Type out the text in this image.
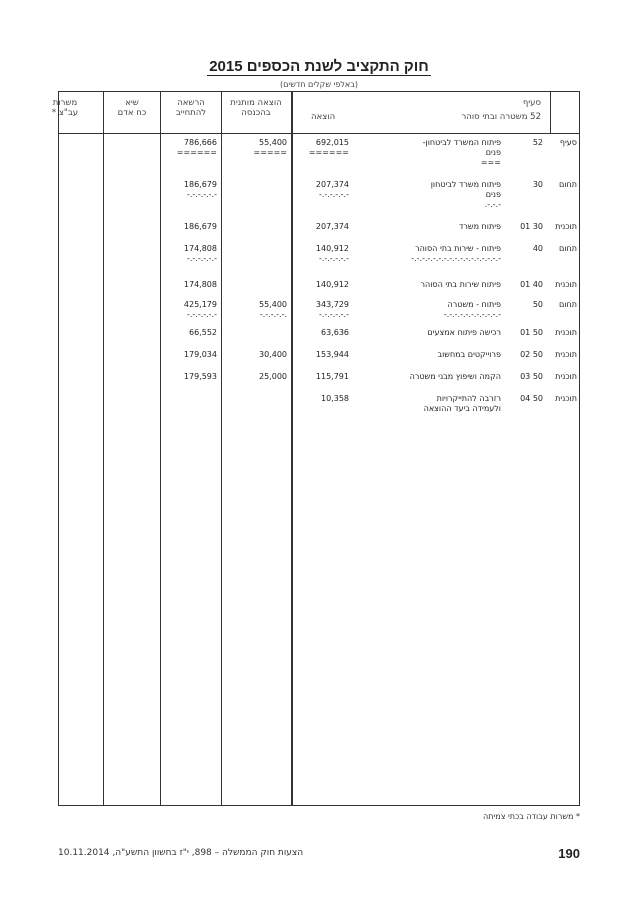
חוק התקציב לשנת הכספים 2015
(באלפי שקלים חדשים)
משרות
עב"צ *
שיא
כח אדם
הרשאה
להתחייב
הוצאה מותנית
בהכנסה	הוצאה
סעיף
52 משטרה ובתי סוהר
סעיף
52
פיתוח המשרד לביטחון-
פנים
===
692,015
======
55,400
=====
786,666
======
תחום
30
פיתוח משרד לביטחון
פנים
-.-.-.
207,374
-.-.-.-.-.-
186,679
-.-.-.-.-.-
תוכנית
30 01
פיתוח משרד
207,374
186,679
תחום
40
פיתוח - שירות בתי הסוהר
-.-.-.-.-.-.-.-.-.-.-.-.-.-.-.-.-
140,912
-.-.-.-.-.-
174,808
-.-.-.-.-.-
תוכנית
40 01
פיתוח שירות בתי הסוהר
140,912
174,808
תחום
50
פיתוח - משטרה
-.-.-.-.-.-.-.-.-.-.-
343,729
-.-.-.-.-.-
55,400
-.-.-.-.-.
425,179
-.-.-.-.-.-
תוכנית
50 01
רכישה פיתוח אמצעים
63,636
66,552
תוכנית
50 02
פרוייקטים במחשוב
153,944
30,400
179,034
תוכנית
50 03
הקמה ושיפוץ מבני משטרה
115,791
25,000
179,593
תוכנית
50 04
רזרבה להתייקרויות
ולעמידה ביעד ההוצאה
10,358
* משרות עבודה בכתי צמיתה
190
הצעות חוק הממשלה – 898, י"ז בחשוון התשע"ה, 10.11.2014
